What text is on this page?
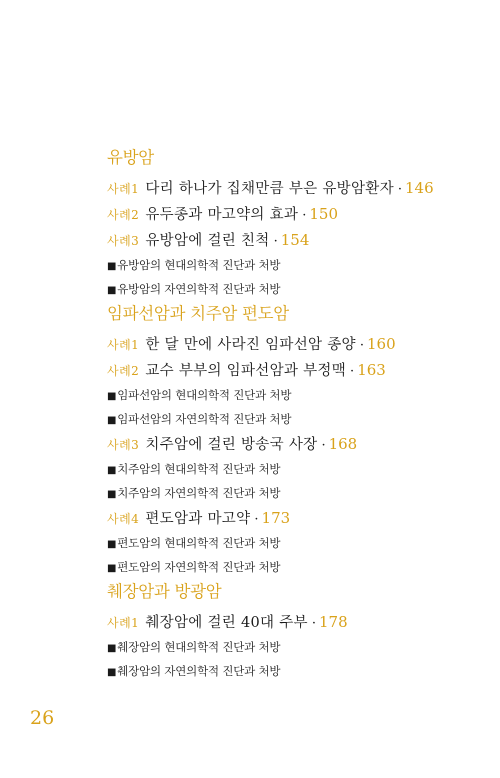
유방암
사례1 다리 하나가 집채만큼 부은 유방암환자 · 146
사례2 유두종과 마고약의 효과 · 150
사례3 유방암에 걸린 친척 · 154
■유방암의 현대의학적 진단과 처방
■유방암의 자연의학적 진단과 처방
임파선암과 치주암 편도암
사례1 한 달 만에 사라진 임파선암 종양 · 160
사례2 교수 부부의 임파선암과 부정맥 · 163
■임파선암의 현대의학적 진단과 처방
■임파선암의 자연의학적 진단과 처방
사례3 치주암에 걸린 방송국 사장 · 168
■치주암의 현대의학적 진단과 처방
■치주암의 자연의학적 진단과 처방
사례4 편도암과 마고약 · 173
■편도암의 현대의학적 진단과 처방
■편도암의 자연의학적 진단과 처방
췌장암과 방광암
사례1 췌장암에 걸린 40대 주부 · 178
■췌장암의 현대의학적 진단과 처방
■췌장암의 자연의학적 진단과 처방
26
